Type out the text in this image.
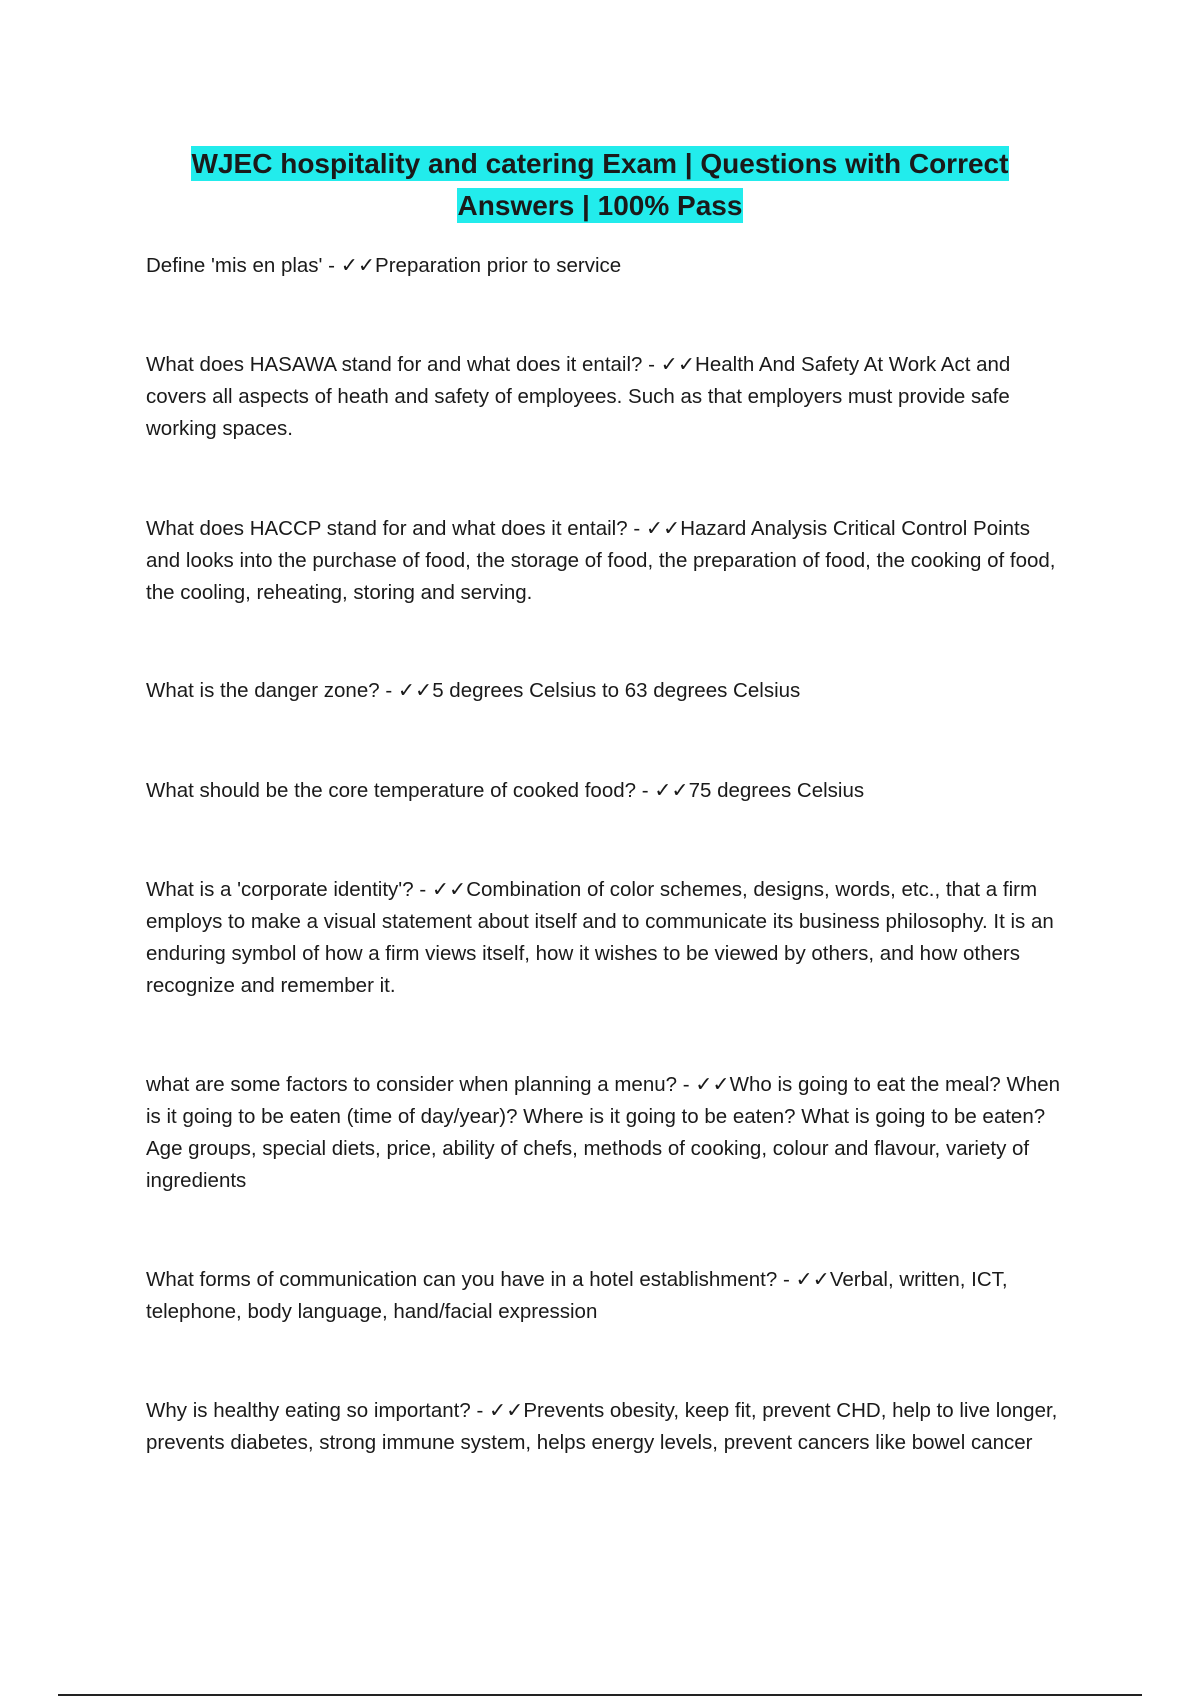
WJEC hospitality and catering Exam | Questions with Correct
Answers | 100% Pass

Define 'mis en plas' - ✓✓Preparation prior to service

What does HASAWA stand for and what does it entail? - ✓✓Health And Safety At Work Act and covers all aspects of heath and safety of employees. Such as that employers must provide safe working spaces.

What does HACCP stand for and what does it entail? - ✓✓Hazard Analysis Critical Control Points and looks into the purchase of food, the storage of food, the preparation of food, the cooking of food, the cooling, reheating, storing and serving.

What is the danger zone? - ✓✓5 degrees Celsius to 63 degrees Celsius

What should be the core temperature of cooked food? - ✓✓75 degrees Celsius

What is a 'corporate identity'? - ✓✓Combination of color schemes, designs, words, etc., that a firm employs to make a visual statement about itself and to communicate its business philosophy. It is an enduring symbol of how a firm views itself, how it wishes to be viewed by others, and how others recognize and remember it.

what are some factors to consider when planning a menu? - ✓✓Who is going to eat the meal? When is it going to be eaten (time of day/year)? Where is it going to be eaten? What is going to be eaten? Age groups, special diets, price, ability of chefs, methods of cooking, colour and flavour, variety of ingredients

What forms of communication can you have in a hotel establishment? - ✓✓Verbal, written, ICT, telephone, body language, hand/facial expression

Why is healthy eating so important? - ✓✓Prevents obesity, keep fit, prevent CHD, help to live longer, prevents diabetes, strong immune system, helps energy levels, prevent cancers like bowel cancer
